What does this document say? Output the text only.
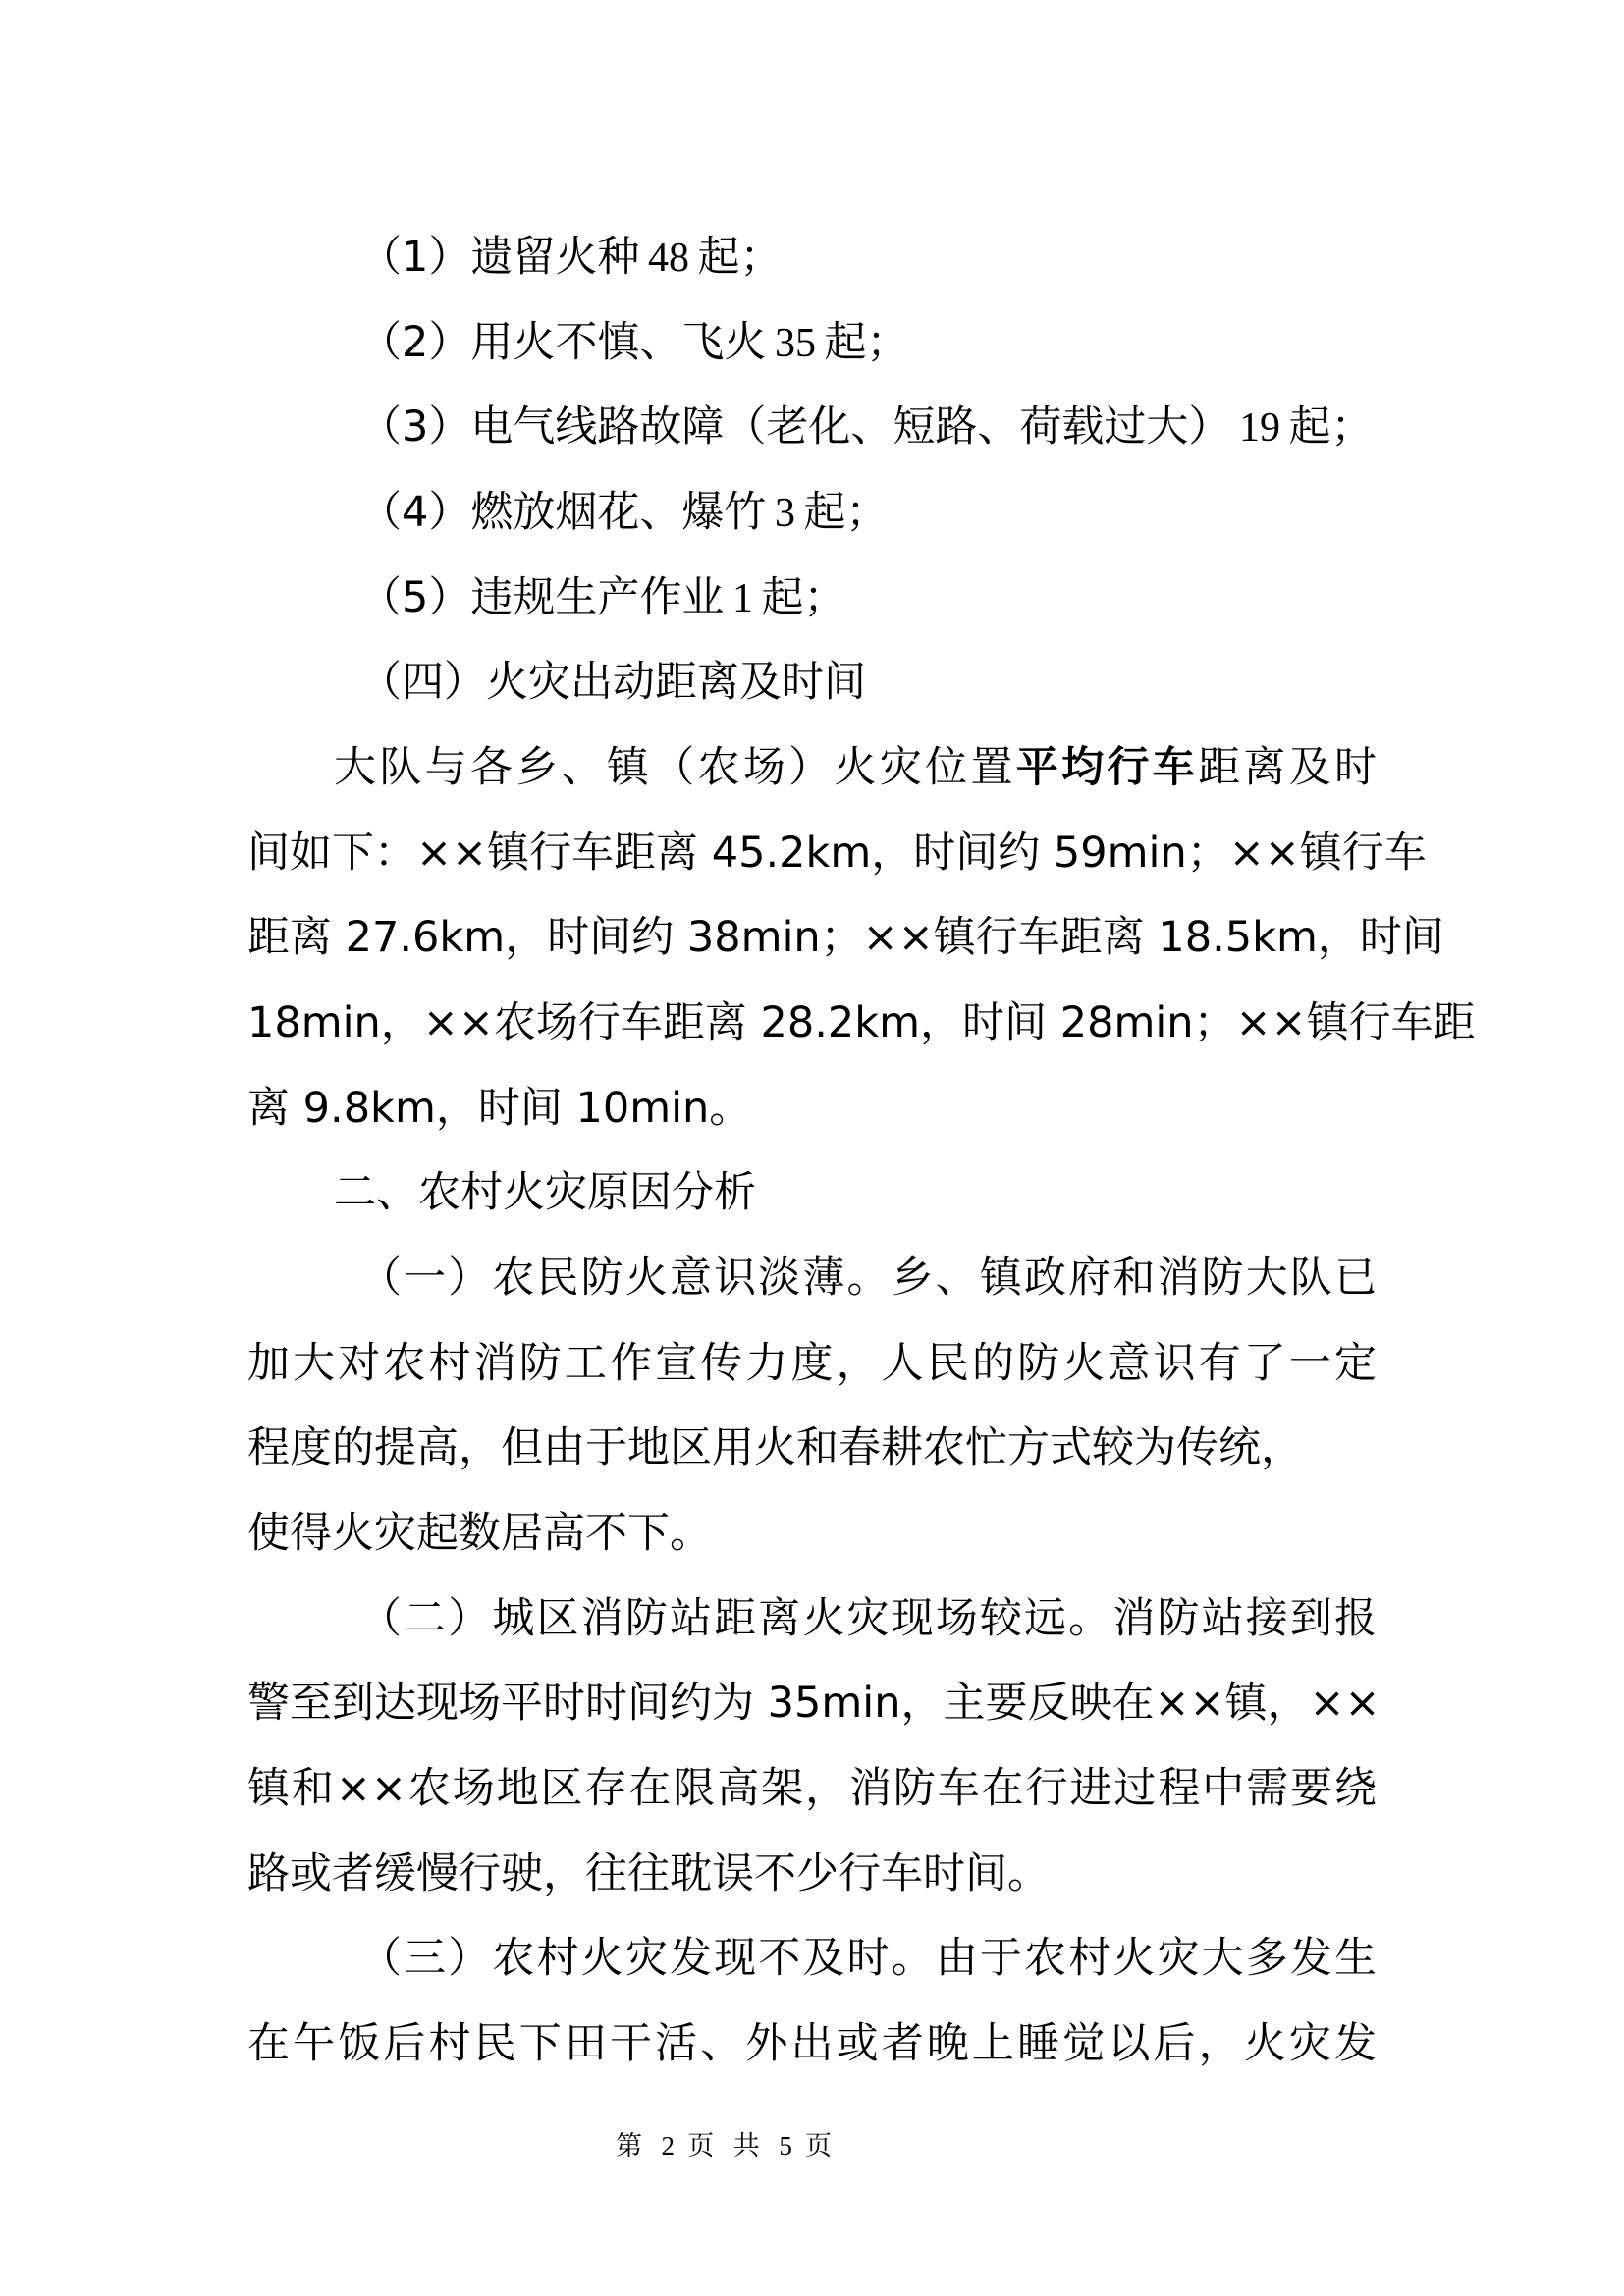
（1）遗留火种  48  起；
（2）用火不慎、飞火  35  起；
（3）电气线路故障（老化、短路、荷载过大）  19  起；
（4）燃放烟花、爆竹  3  起；
（5）违规生产作业  1  起；
（四）火灾出动距离及时间
大队与各乡、镇（农场）火灾位置平均行车距离及时
间如下：××镇行车距离 45.2km，时间约 59min；××镇行车
距离 27.6km，时间约 38min；××镇行车距离 18.5km，时间
18min，××农场行车距离 28.2km，时间 28min；××镇行车距
离 9.8km，时间 10min。
二、农村火灾原因分析
（一）农民防火意识淡薄。乡、镇政府和消防大队已
加大对农村消防工作宣传力度，人民的防火意识有了一定
程度的提高，但由于地区用火和春耕农忙方式较为传统，
使得火灾起数居高不下。
（二）城区消防站距离火灾现场较远。消防站接到报
警至到达现场平时时间约为 35min，主要反映在××镇，××
镇和××农场地区存在限高架，消防车在行进过程中需要绕
路或者缓慢行驶，往往耽误不少行车时间。
（三）农村火灾发现不及时。由于农村火灾大多发生
在午饭后村民下田干活、外出或者晚上睡觉以后，火灾发
第 2 页 共 5 页
